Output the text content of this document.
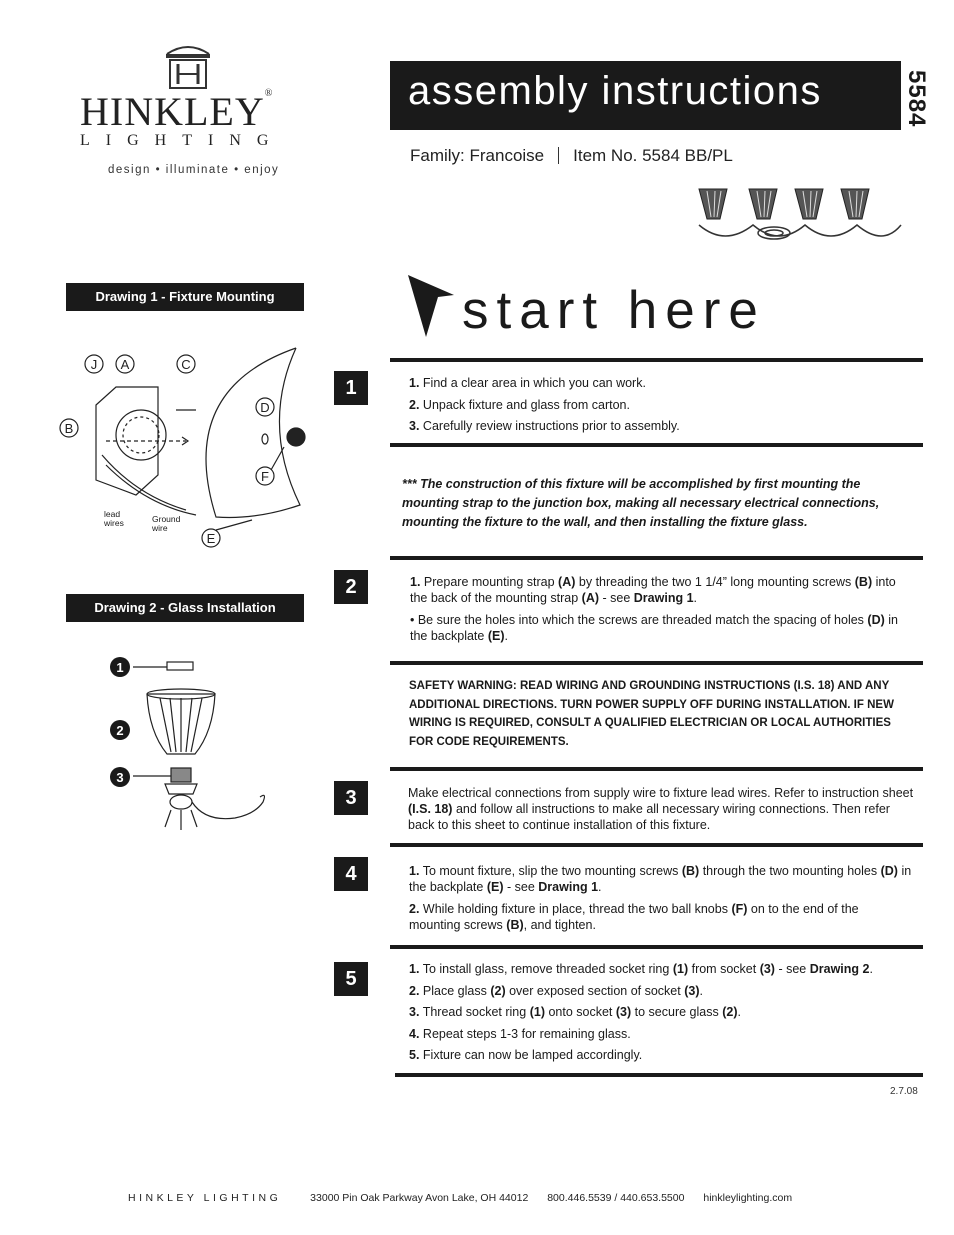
HINKLEY®
LIGHTING
design • illuminate • enjoy
assembly instructions	5584
Family: Francoise Item No. 5584 BB/PL
start here
Drawing 1 - Fixture Mounting
J A	C
B
D
F
E
lead wires	Ground wire
Drawing 2 - Glass Installation
1
2
3
1	1. Find a clear area in which you can work.
2. Unpack fixture and glass from carton.
3. Carefully review instructions prior to assembly.
*** The construction of this fixture will be accomplished by first mounting the mounting strap to the junction box, making all necessary electrical connections, mounting the fixture to the wall, and then installing the fixture glass.
2	1. Prepare mounting strap (A) by threading the two 1 1/4” long mounting screws (B) into the back of the mounting strap (A) - see Drawing 1.

• Be sure the holes into which the screws are threaded match the spacing of holes (D) in the backplate (E).

SAFETY WARNING: READ WIRING AND GROUNDING INSTRUCTIONS (I.S. 18) AND ANY ADDITIONAL DIRECTIONS. TURN POWER SUPPLY OFF DURING INSTALLATION. IF NEW WIRING IS REQUIRED, CONSULT A QUALIFIED ELECTRICIAN OR LOCAL AUTHORITIES FOR CODE REQUIREMENTS.
3	Make electrical connections from supply wire to fixture lead wires. Refer to instruction sheet (I.S. 18) and follow all instructions to make all necessary wiring connections. Then refer back to this sheet to continue installation of this fixture.

4	1. To mount fixture, slip the two mounting screws (B) through the two mounting holes (D) in the backplate (E) - see Drawing 1.

2. While holding fixture in place, thread the two ball knobs (F) on to the end of the mounting screws (B), and tighten.

5	1. To install glass, remove threaded socket ring (1) from socket (3) - see Drawing 2.
2. Place glass (2) over exposed section of socket (3).
3. Thread socket ring (1) onto socket (3) to secure glass (2).
4. Repeat steps 1-3 for remaining glass.
5. Fixture can now be lamped accordingly.
2.7.08
HINKLEY LIGHTING	33000 Pin Oak Parkway Avon Lake, OH 44012 800.446.5539 / 440.653.5500 hinkleylighting.com
